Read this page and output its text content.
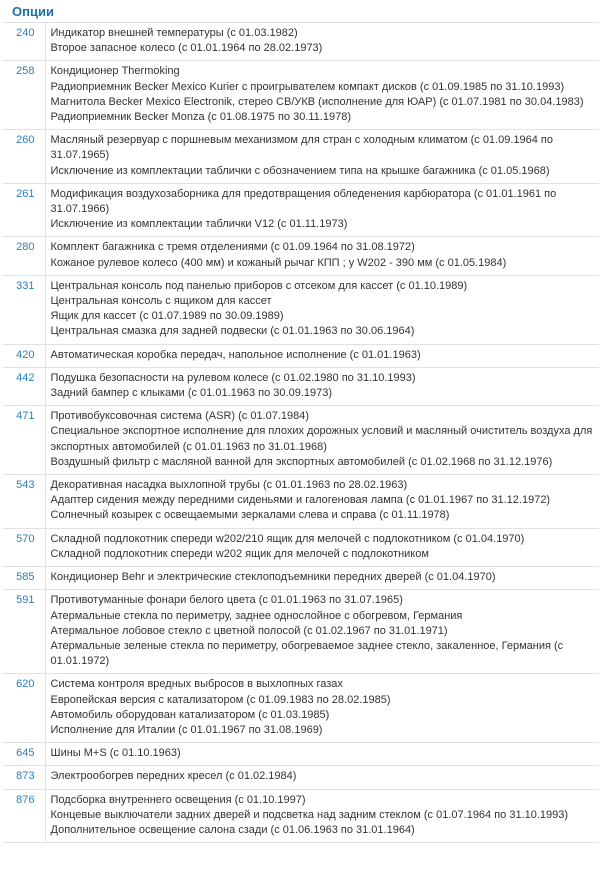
Опции
240	Индикатор внешней температуры (с 01.03.1982)
Второе запасное колесо (с 01.01.1964 по 28.02.1973)

258	Кондиционер Thermoking
Радиоприемник Becker Mexico Kurier с проигрывателем компакт дисков (с 01.09.1985 по 31.10.1993)
Магнитола Becker Mexico Electronik, стерео СВ/УКВ (исполнение для ЮАР) (с 01.07.1981 по 30.04.1983)
Радиоприемник Becker Monza (с 01.08.1975 по 30.11.1978)

260	Масляный резервуар с поршневым механизмом для стран с холодным климатом (с 01.09.1964 по 31.07.1965)
Исключение из комплектации таблички с обозначением типа на крышке багажника (с 01.05.1968)

261	Модификация воздухозаборника для предотвращения обледенения карбюратора (с 01.01.1961 по 31.07.1966)
Исключение из комплектации таблички V12 (с 01.11.1973)

280	Комплект багажника с тремя отделениями (с 01.09.1964 по 31.08.1972)
Кожаное рулевое колесо (400 мм) и кожаный рычаг КПП ; у W202 - 390 мм (с 01.05.1984)

331	Центральная консоль под панелью приборов с отсеком для кассет (с 01.10.1989)
Центральная консоль с ящиком для кассет
Ящик для кассет (с 01.07.1989 по 30.09.1989)
Центральная смазка для задней подвески (с 01.01.1963 по 30.06.1964)

420	Автоматическая коробка передач, напольное исполнение (с 01.01.1963)

442	Подушка безопасности на рулевом колесе (с 01.02.1980 по 31.10.1993)
Задний бампер с клыками (с 01.01.1963 по 30.09.1973)

471	Противобуксовочная система (ASR) (с 01.07.1984)
Специальное экспортное исполнение для плохих дорожных условий и масляный очиститель воздуха для экспортных автомобилей (с 01.01.1963 по 31.01.1968)
Воздушный фильтр с масляной ванной для экспортных автомобилей (с 01.02.1968 по 31.12.1976)

543	Декоративная насадка выхлопной трубы (с 01.01.1963 по 28.02.1963)
Адаптер сидения между передними сиденьями и галогеновая лампа (с 01.01.1967 по 31.12.1972)
Солнечный козырек с освещаемыми зеркалами слева и справа (с 01.11.1978)

570	Складной подлокотник спереди w202/210 ящик для мелочей с подлокотником (с 01.04.1970)
Складной подлокотник спереди w202 ящик для мелочей с подлокотником

585	Кондиционер Behr и электрические стеклоподъемники передних дверей (с 01.04.1970)

591	Противотуманные фонари белого цвета (с 01.01.1963 по 31.07.1965)
Атермальные стекла по периметру, заднее однослойное с обогревом, Германия
Атермальное лобовое стекло с цветной полосой (с 01.02.1967 по 31.01.1971)
Атермальные зеленые стекла по периметру, обогреваемое заднее стекло, закаленное, Германия (с 01.01.1972)

620	Система контроля вредных выбросов в выхлопных газах
Европейская версия с катализатором (с 01.09.1983 по 28.02.1985)
Автомобиль оборудован катализатором (с 01.03.1985)
Исполнение для Италии (с 01.01.1967 по 31.08.1969)

645	Шины M+S (с 01.10.1963)

873	Электрообогрев передних кресел (с 01.02.1984)

876	Подсборка внутреннего освещения (с 01.10.1997)
Концевые выключатели задних дверей и подсветка над задним стеклом (с 01.07.1964 по 31.10.1993)
Дополнительное освещение салона сзади (с 01.06.1963 по 31.01.1964)
